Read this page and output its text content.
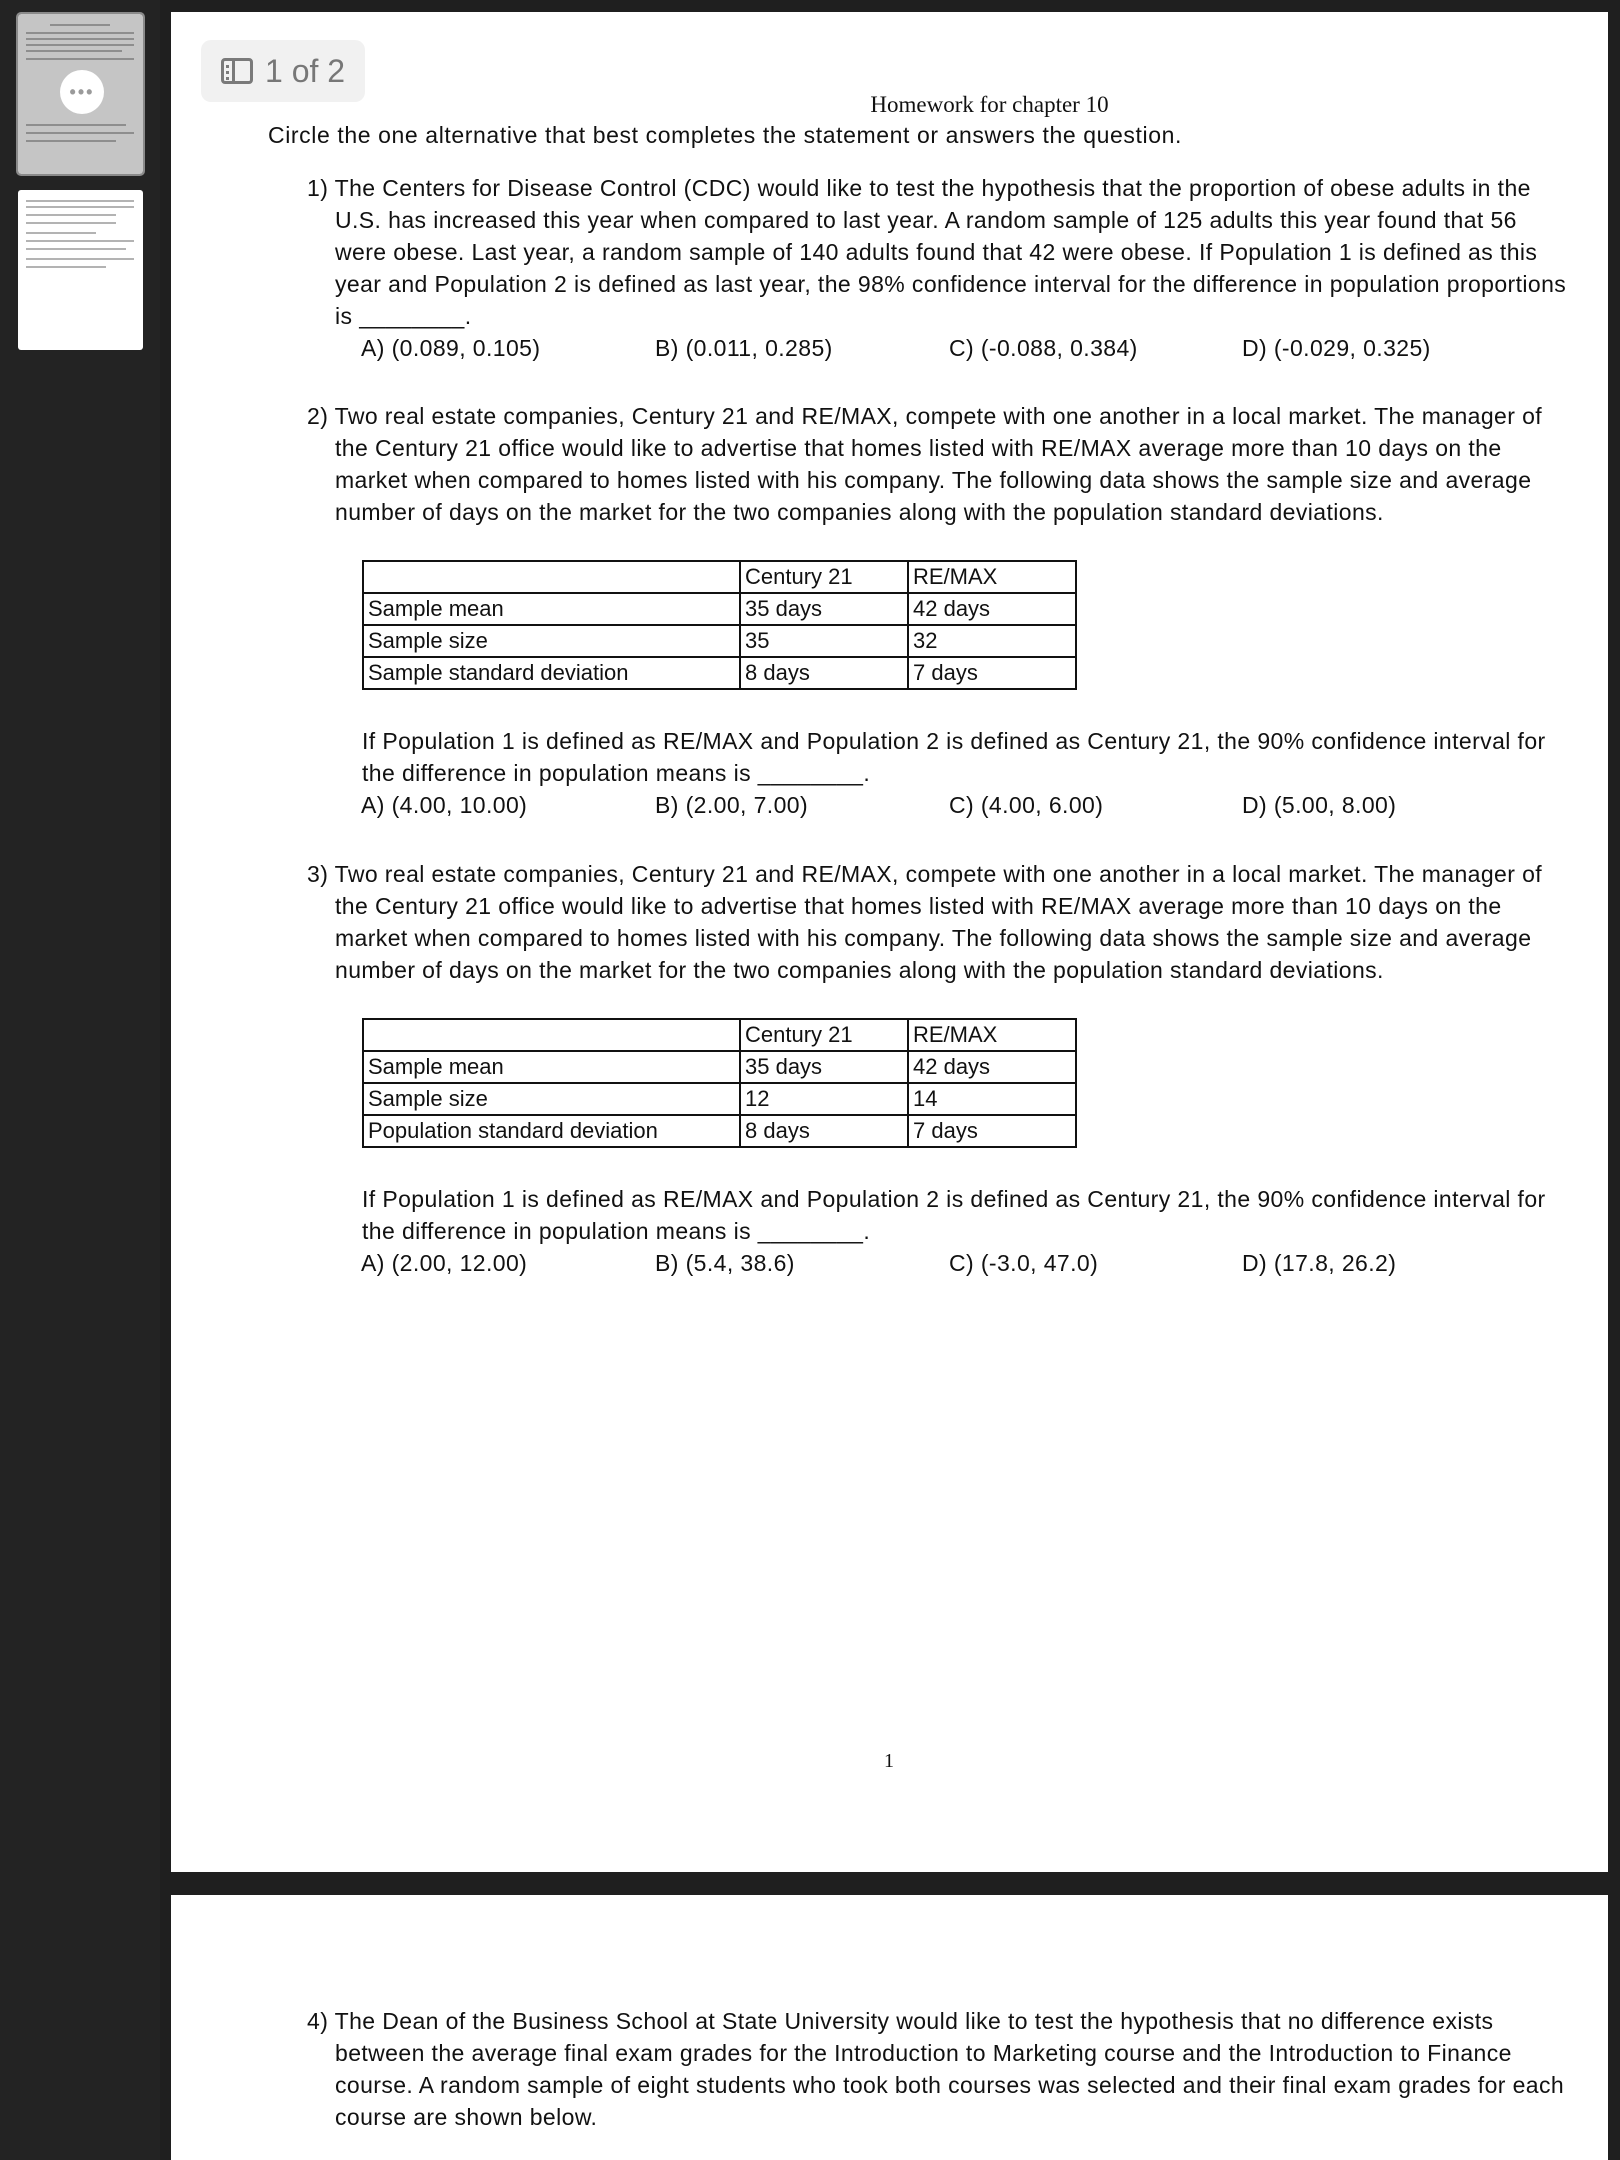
•••
1 of 2
Homework for chapter 10
Circle the one alternative that best completes the statement or answers the question.
1) The Centers for Disease Control (CDC) would like to test the hypothesis that the proportion of obese adults in the U.S. has increased this year when compared to last year. A random sample of 125 adults this year found that 56 were obese. Last year, a random sample of 140 adults found that 42 were obese. If Population 1 is defined as this year and Population 2 is defined as last year, the 98% confidence interval for the difference in population proportions is ________.
A) (0.089, 0.105)	B) (0.011, 0.285)	C) (-0.088, 0.384)	D) (-0.029, 0.325)
2) Two real estate companies, Century 21 and RE/MAX, compete with one another in a local market. The manager of the Century 21 office would like to advertise that homes listed with RE/MAX average more than 10 days on the market when compared to homes listed with his company. The following data shows the sample size and average number of days on the market for the two companies along with the population standard deviations.
	Century 21	RE/MAX
Sample mean	35 days	42 days
Sample size	35	32
Sample standard deviation	8 days	7 days
If Population 1 is defined as RE/MAX and Population 2 is defined as Century 21, the 90% confidence interval for the difference in population means is ________.
A) (4.00, 10.00)	B) (2.00, 7.00)	C) (4.00, 6.00)	D) (5.00, 8.00)
3) Two real estate companies, Century 21 and RE/MAX, compete with one another in a local market. The manager of the Century 21 office would like to advertise that homes listed with RE/MAX average more than 10 days on the market when compared to homes listed with his company. The following data shows the sample size and average number of days on the market for the two companies along with the population standard deviations.
	Century 21	RE/MAX
Sample mean	35 days	42 days
Sample size	12	14
Population standard deviation	8 days	7 days
If Population 1 is defined as RE/MAX and Population 2 is defined as Century 21, the 90% confidence interval for the difference in population means is ________.
A) (2.00, 12.00)	B) (5.4, 38.6)	C) (-3.0, 47.0)	D) (17.8, 26.2)
1
4) The Dean of the Business School at State University would like to test the hypothesis that no difference exists between the average final exam grades for the Introduction to Marketing course and the Introduction to Finance course. A random sample of eight students who took both courses was selected and their final exam grades for each course are shown below.
